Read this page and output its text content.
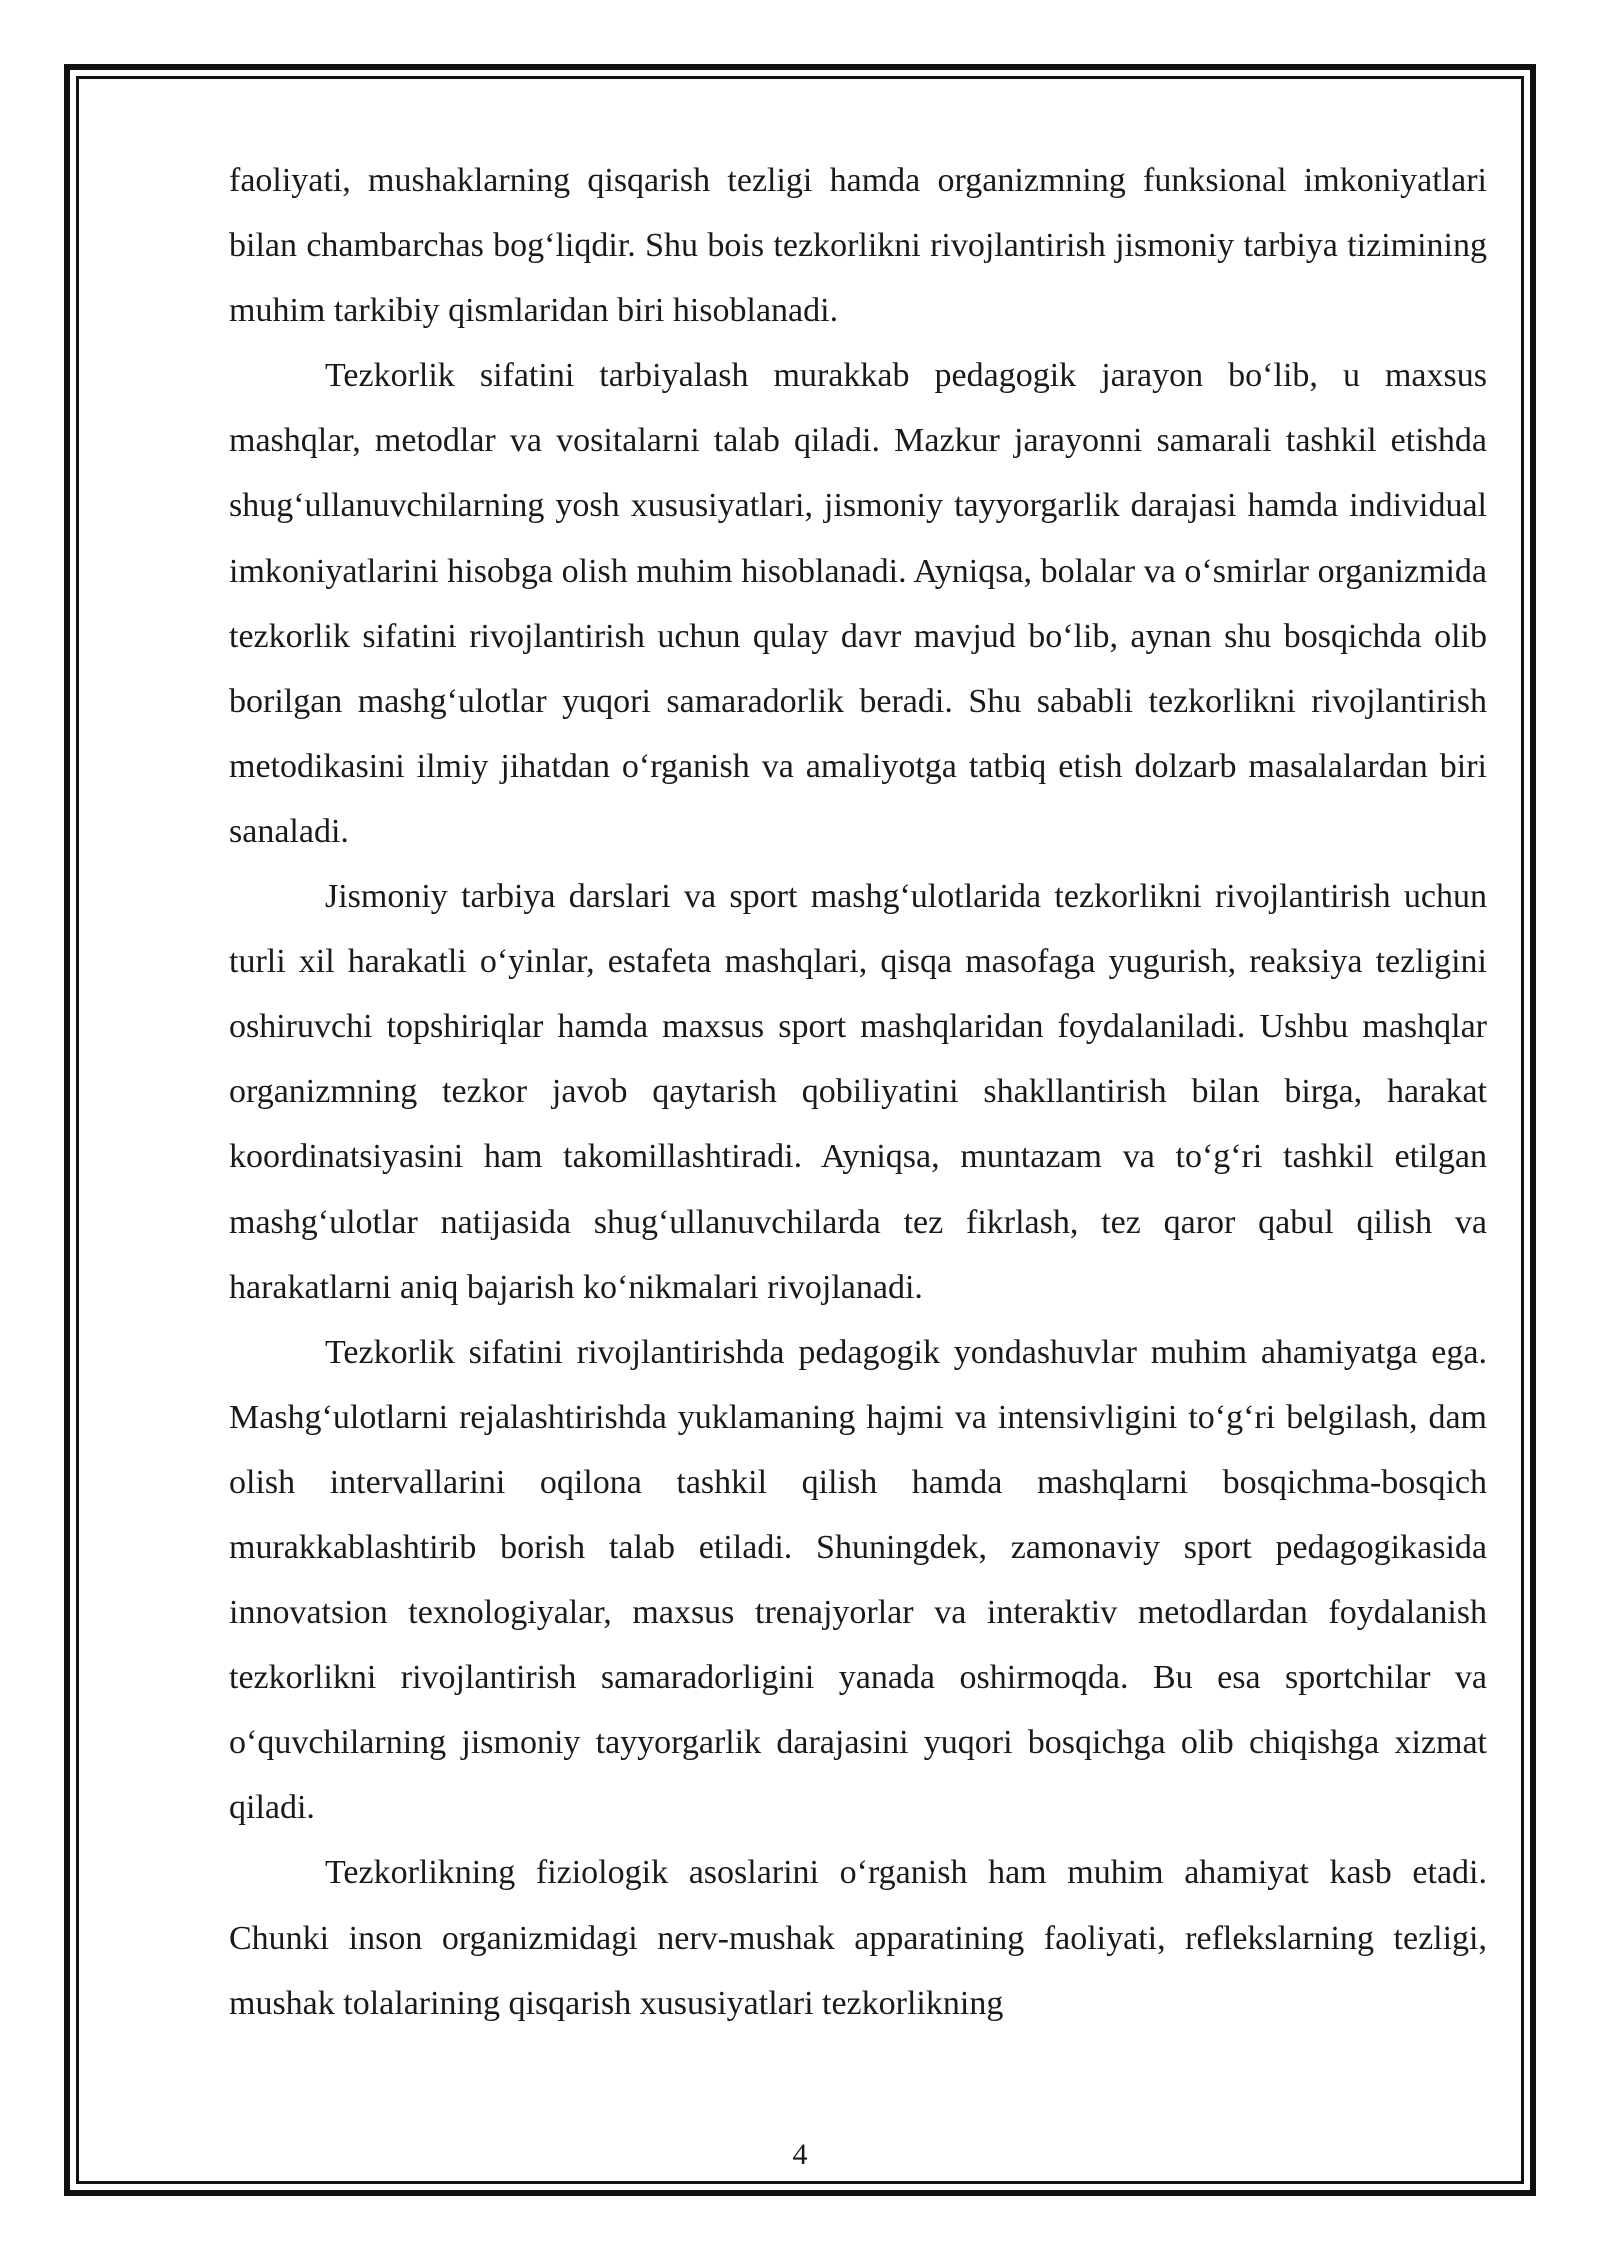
faoliyati, mushaklarning qisqarish tezligi hamda organizmning funksional imkoniyatlari bilan chambarchas bog‘liqdir. Shu bois tezkorlikni rivojlantirish jismoniy tarbiya tizimining muhim tarkibiy qismlaridan biri hisoblanadi.

Tezkorlik sifatini tarbiyalash murakkab pedagogik jarayon bo‘lib, u maxsus mashqlar, metodlar va vositalarni talab qiladi. Mazkur jarayonni samarali tashkil etishda shug‘ullanuvchilarning yosh xususiyatlari, jismoniy tayyorgarlik darajasi hamda individual imkoniyatlarini hisobga olish muhim hisoblanadi. Ayniqsa, bolalar va o‘smirlar organizmida tezkorlik sifatini rivojlantirish uchun qulay davr mavjud bo‘lib, aynan shu bosqichda olib borilgan mashg‘ulotlar yuqori samaradorlik beradi. Shu sababli tezkorlikni rivojlantirish metodikasini ilmiy jihatdan o‘rganish va amaliyotga tatbiq etish dolzarb masalalardan biri sanaladi.

Jismoniy tarbiya darslari va sport mashg‘ulotlarida tezkorlikni rivojlantirish uchun turli xil harakatli o‘yinlar, estafeta mashqlari, qisqa masofaga yugurish, reaksiya tezligini oshiruvchi topshiriqlar hamda maxsus sport mashqlaridan foydalaniladi. Ushbu mashqlar organizmning tezkor javob qaytarish qobiliyatini shakllantirish bilan birga, harakat koordinatsiyasini ham takomillashtiradi. Ayniqsa, muntazam va to‘g‘ri tashkil etilgan mashg‘ulotlar natijasida shug‘ullanuvchilarda tez fikrlash, tez qaror qabul qilish va harakatlarni aniq bajarish ko‘nikmalari rivojlanadi.

Tezkorlik sifatini rivojlantirishda pedagogik yondashuvlar muhim ahamiyatga ega. Mashg‘ulotlarni rejalashtirishda yuklamaning hajmi va intensivligini to‘g‘ri belgilash, dam olish intervallarini oqilona tashkil qilish hamda mashqlarni bosqichma-bosqich murakkablashtirib borish talab etiladi. Shuningdek, zamonaviy sport pedagogikasida innovatsion texnologiyalar, maxsus trenajyorlar va interaktiv metodlardan foydalanish tezkorlikni rivojlantirish samaradorligini yanada oshirmoqda. Bu esa sportchilar va o‘quvchilarning jismoniy tayyorgarlik darajasini yuqori bosqichga olib chiqishga xizmat qiladi.

Tezkorlikning fiziologik asoslarini o‘rganish ham muhim ahamiyat kasb etadi. Chunki inson organizmidagi nerv-mushak apparatining faoliyati, reflekslarning tezligi, mushak tolalarining qisqarish xususiyatlari tezkorlikning

4
